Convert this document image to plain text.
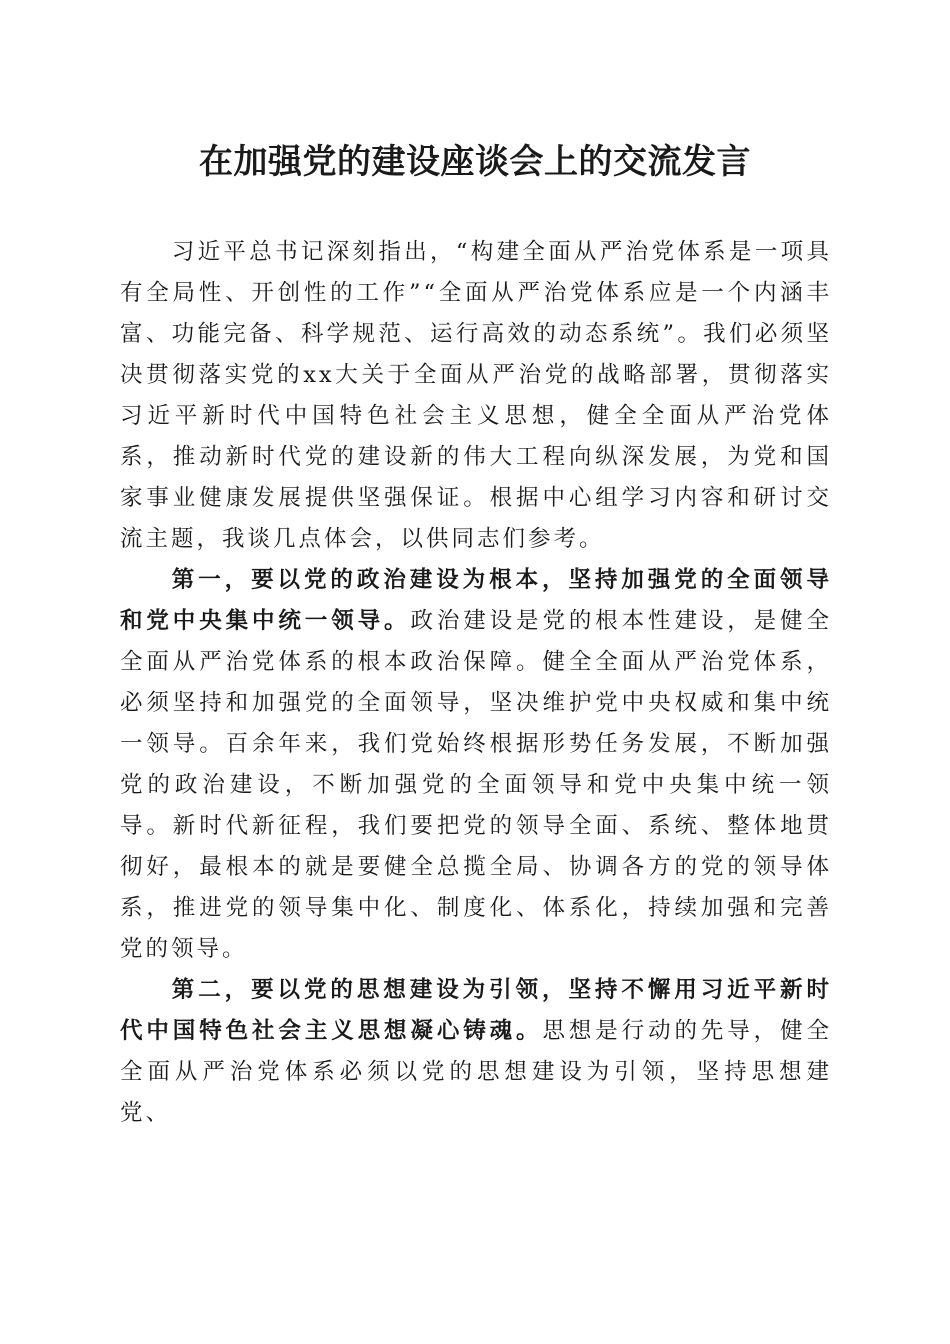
在加强党的建设座谈会上的交流发言

习近平总书记深刻指出，“构建全面从严治党体系是一项具有全局性、开创性的工作”“全面从严治党体系应是一个内涵丰富、功能完备、科学规范、运行高效的动态系统”。我们必须坚决贯彻落实党的xx大关于全面从严治党的战略部署，贯彻落实习近平新时代中国特色社会主义思想，健全全面从严治党体系，推动新时代党的建设新的伟大工程向纵深发展，为党和国家事业健康发展提供坚强保证。根据中心组学习内容和研讨交流主题，我谈几点体会，以供同志们参考。

第一，要以党的政治建设为根本，坚持加强党的全面领导和党中央集中统一领导。政治建设是党的根本性建设，是健全全面从严治党体系的根本政治保障。健全全面从严治党体系，必须坚持和加强党的全面领导，坚决维护党中央权威和集中统一领导。百余年来，我们党始终根据形势任务发展，不断加强党的政治建设，不断加强党的全面领导和党中央集中统一领导。新时代新征程，我们要把党的领导全面、系统、整体地贯彻好，最根本的就是要健全总揽全局、协调各方的党的领导体系，推进党的领导集中化、制度化、体系化，持续加强和完善党的领导。

第二，要以党的思想建设为引领，坚持不懈用习近平新时代中国特色社会主义思想凝心铸魂。思想是行动的先导，健全全面从严治党体系必须以党的思想建设为引领，坚持思想建党、
